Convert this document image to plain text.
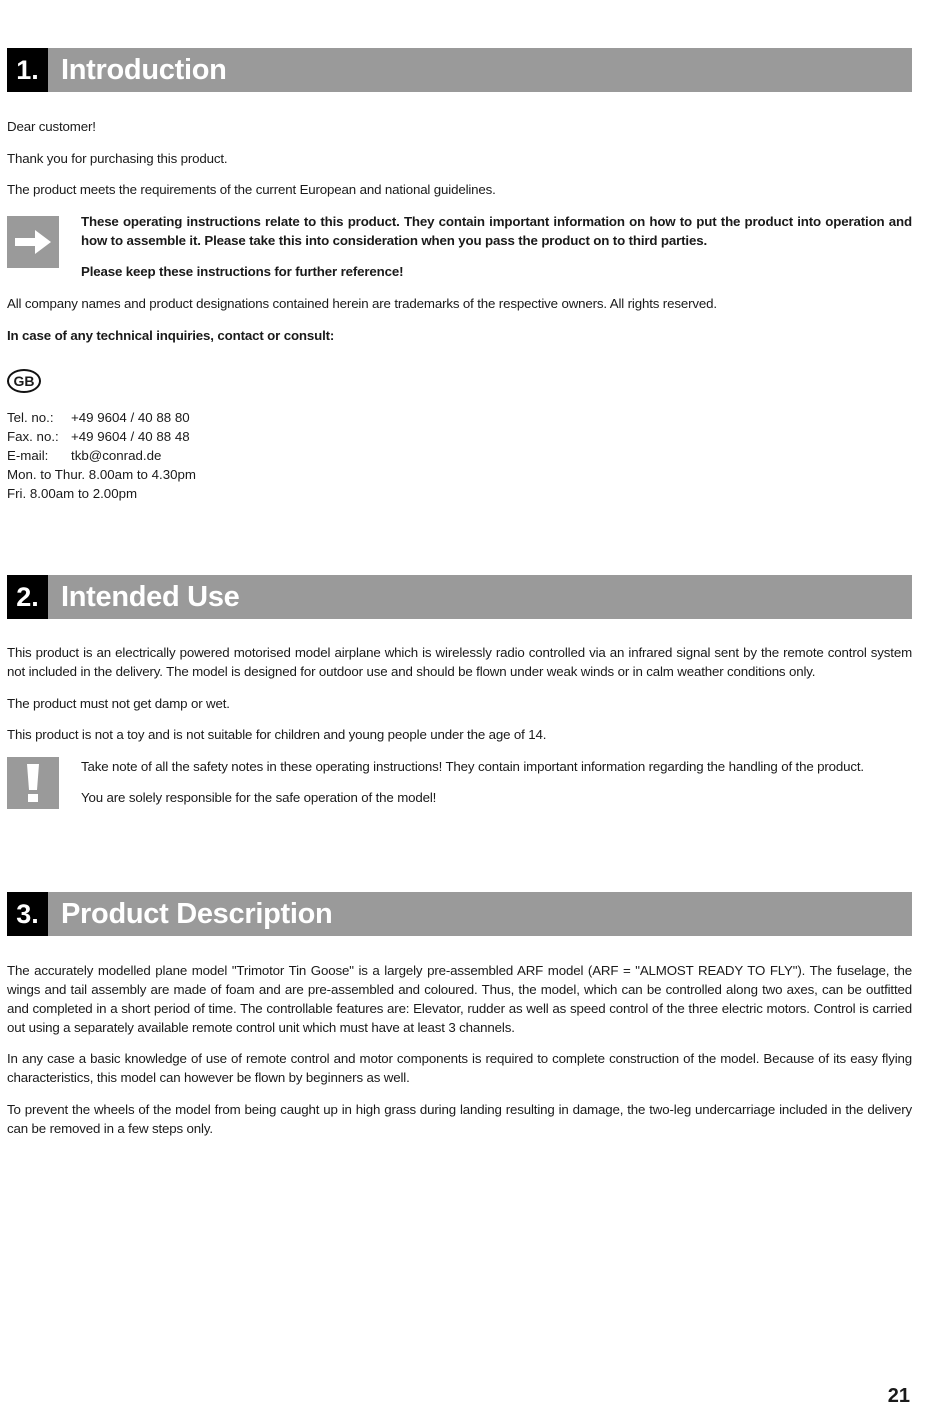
1. Introduction

Dear customer!

Thank you for purchasing this product.

The product meets the requirements of the current European and national guidelines.

These operating instructions relate to this product. They contain important information on how to put the product into operation and how to assemble it. Please take this into consideration when you pass the product on to third parties.

Please keep these instructions for further reference!

All company names and product designations contained herein are trademarks of the respective owners. All rights reserved.

In case of any technical inquiries, contact or consult:

GB
Tel. no.:	+49 9604 / 40 88 80
Fax. no.: +49 9604 / 40 88 48
E-mail:	tkb@conrad.de
Mon. to Thur. 8.00am to 4.30pm
Fri. 8.00am to 2.00pm
2. Intended Use

This product is an electrically powered motorised model airplane which is wirelessly radio controlled via an infrared signal sent by the remote control system not included in the delivery. The model is designed for outdoor use and should be flown under weak winds or in calm weather conditions only.

The product must not get damp or wet.

This product is not a toy and is not suitable for children and young people under the age of 14.

Take note of all the safety notes in these operating instructions! They contain important information regarding the handling of the product.

You are solely responsible for the safe operation of the model!

3. Product Description

The accurately modelled plane model "Trimotor Tin Goose" is a largely pre-assembled ARF model (ARF = "ALMOST READY TO FLY"). The fuselage, the wings and tail assembly are made of foam and are pre-assembled and coloured. Thus, the model, which can be controlled along two axes, can be outfitted and completed in a short period of time. The controllable features are: Elevator, rudder as well as speed control of the three electric motors. Control is carried out using a separately available remote control unit which must have at least 3 channels.

In any case a basic knowledge of use of remote control and motor components is required to complete construction of the model. Because of its easy flying characteristics, this model can however be flown by beginners as well.

To prevent the wheels of the model from being caught up in high grass during landing resulting in damage, the two-leg undercarriage included in the delivery can be removed in a few steps only.

21
